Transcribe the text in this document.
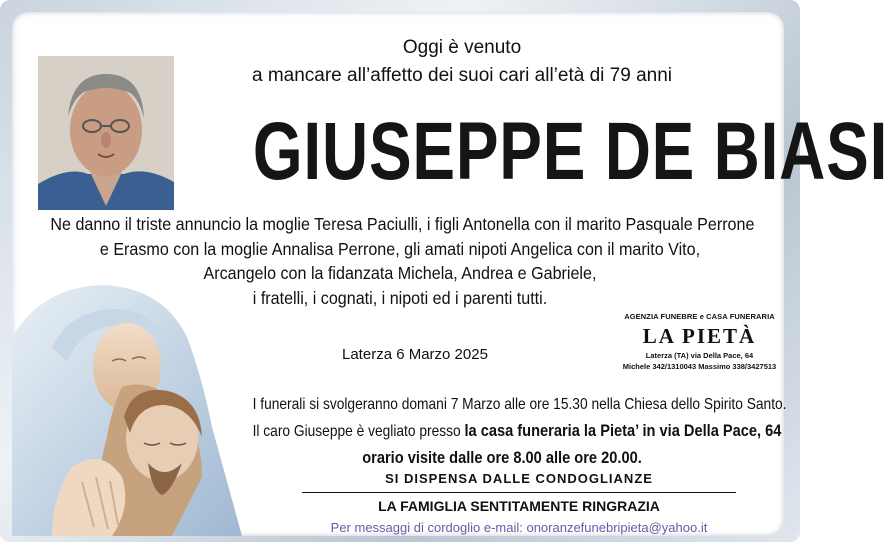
Oggi è venuto
a mancare all’affetto dei suoi cari all’età di 79 anni
GIUSEPPE DE BIASI
Ne danno il triste annuncio la moglie Teresa Paciulli, i figli Antonella con il marito Pasquale Perrone
e Erasmo con la moglie Annalisa Perrone, gli amati nipoti Angelica con il marito Vito,
Arcangelo con la fidanzata Michela, Andrea e Gabriele,
i fratelli, i cognati, i nipoti ed i parenti tutti.
Laterza 6 Marzo 2025
AGENZIA FUNEBRE e CASA FUNERARIA
LA PIETÀ
Laterza (TA) via Della Pace, 64
Michele 342/1310043 Massimo 338/3427513
I funerali si svolgeranno domani 7 Marzo alle ore 15.30 nella Chiesa dello Spirito Santo.
Il caro Giuseppe è vegliato presso la casa funeraria la Pieta’ in via Della Pace, 64
orario visite dalle ore 8.00 alle ore 20.00.
SI DISPENSA DALLE CONDOGLIANZE
LA FAMIGLIA SENTITAMENTE RINGRAZIA
Per messaggi di cordoglio e-mail: onoranzefunebripieta@yahoo.it
